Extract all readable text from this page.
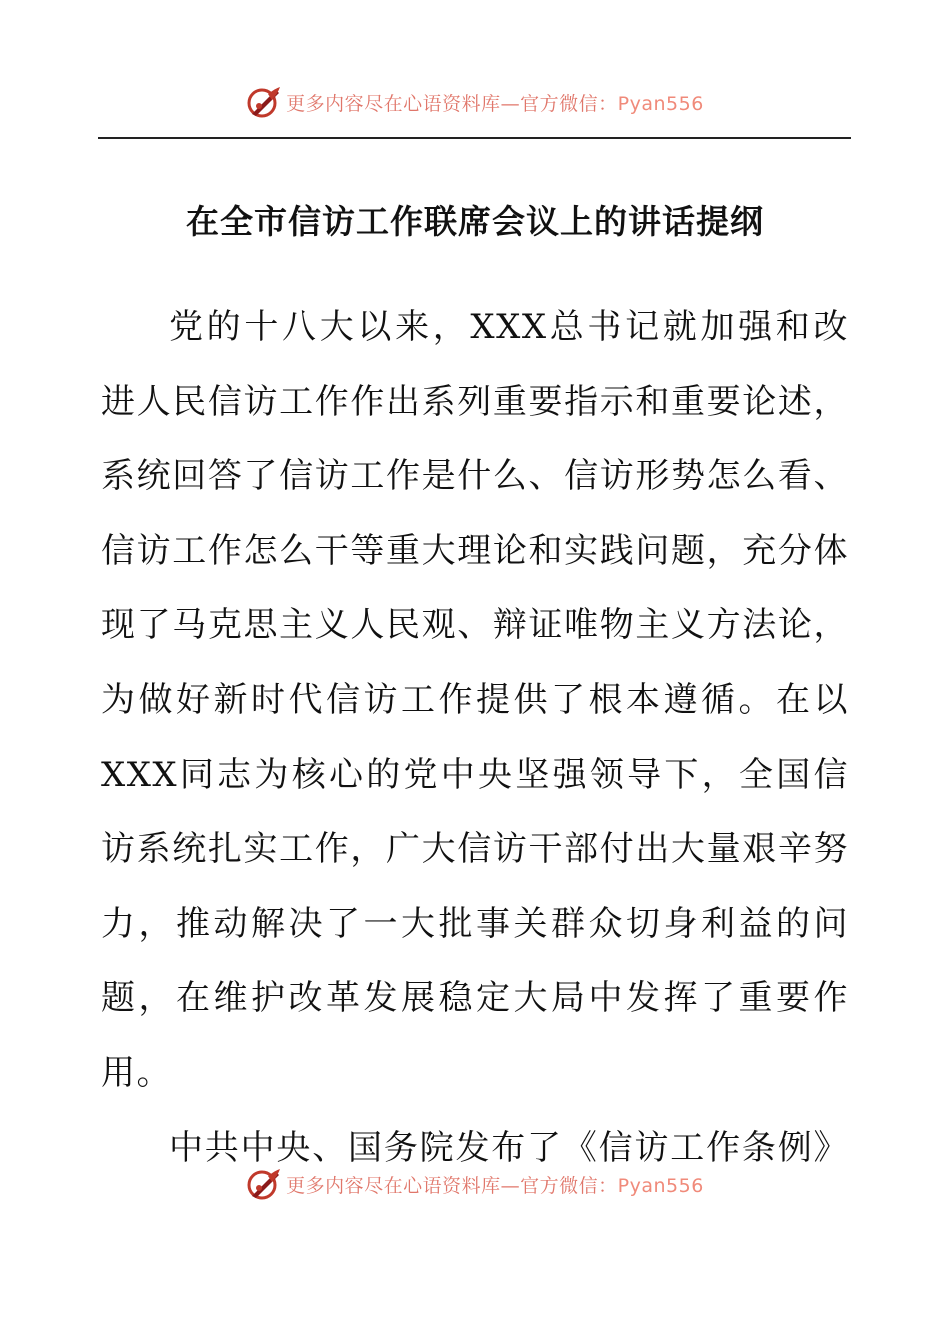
更多内容尽在心语资料库—官方微信：Pyan556
在全市信访工作联席会议上的讲话提纲

党的十八大以来，XXX总书记就加强和改进人民信访工作作出系列重要指示和重要论述，系统回答了信访工作是什么、信访形势怎么看、信访工作怎么干等重大理论和实践问题，充分体现了马克思主义人民观、辩证唯物主义方法论，为做好新时代信访工作提供了根本遵循。在以XXX同志为核心的党中央坚强领导下，全国信访系统扎实工作，广大信访干部付出大量艰辛努力，推动解决了一大批事关群众切身利益的问题，在维护改革发展稳定大局中发挥了重要作用。

中共中央、国务院发布了《信访工作条例》

更多内容尽在心语资料库—官方微信：Pyan556
